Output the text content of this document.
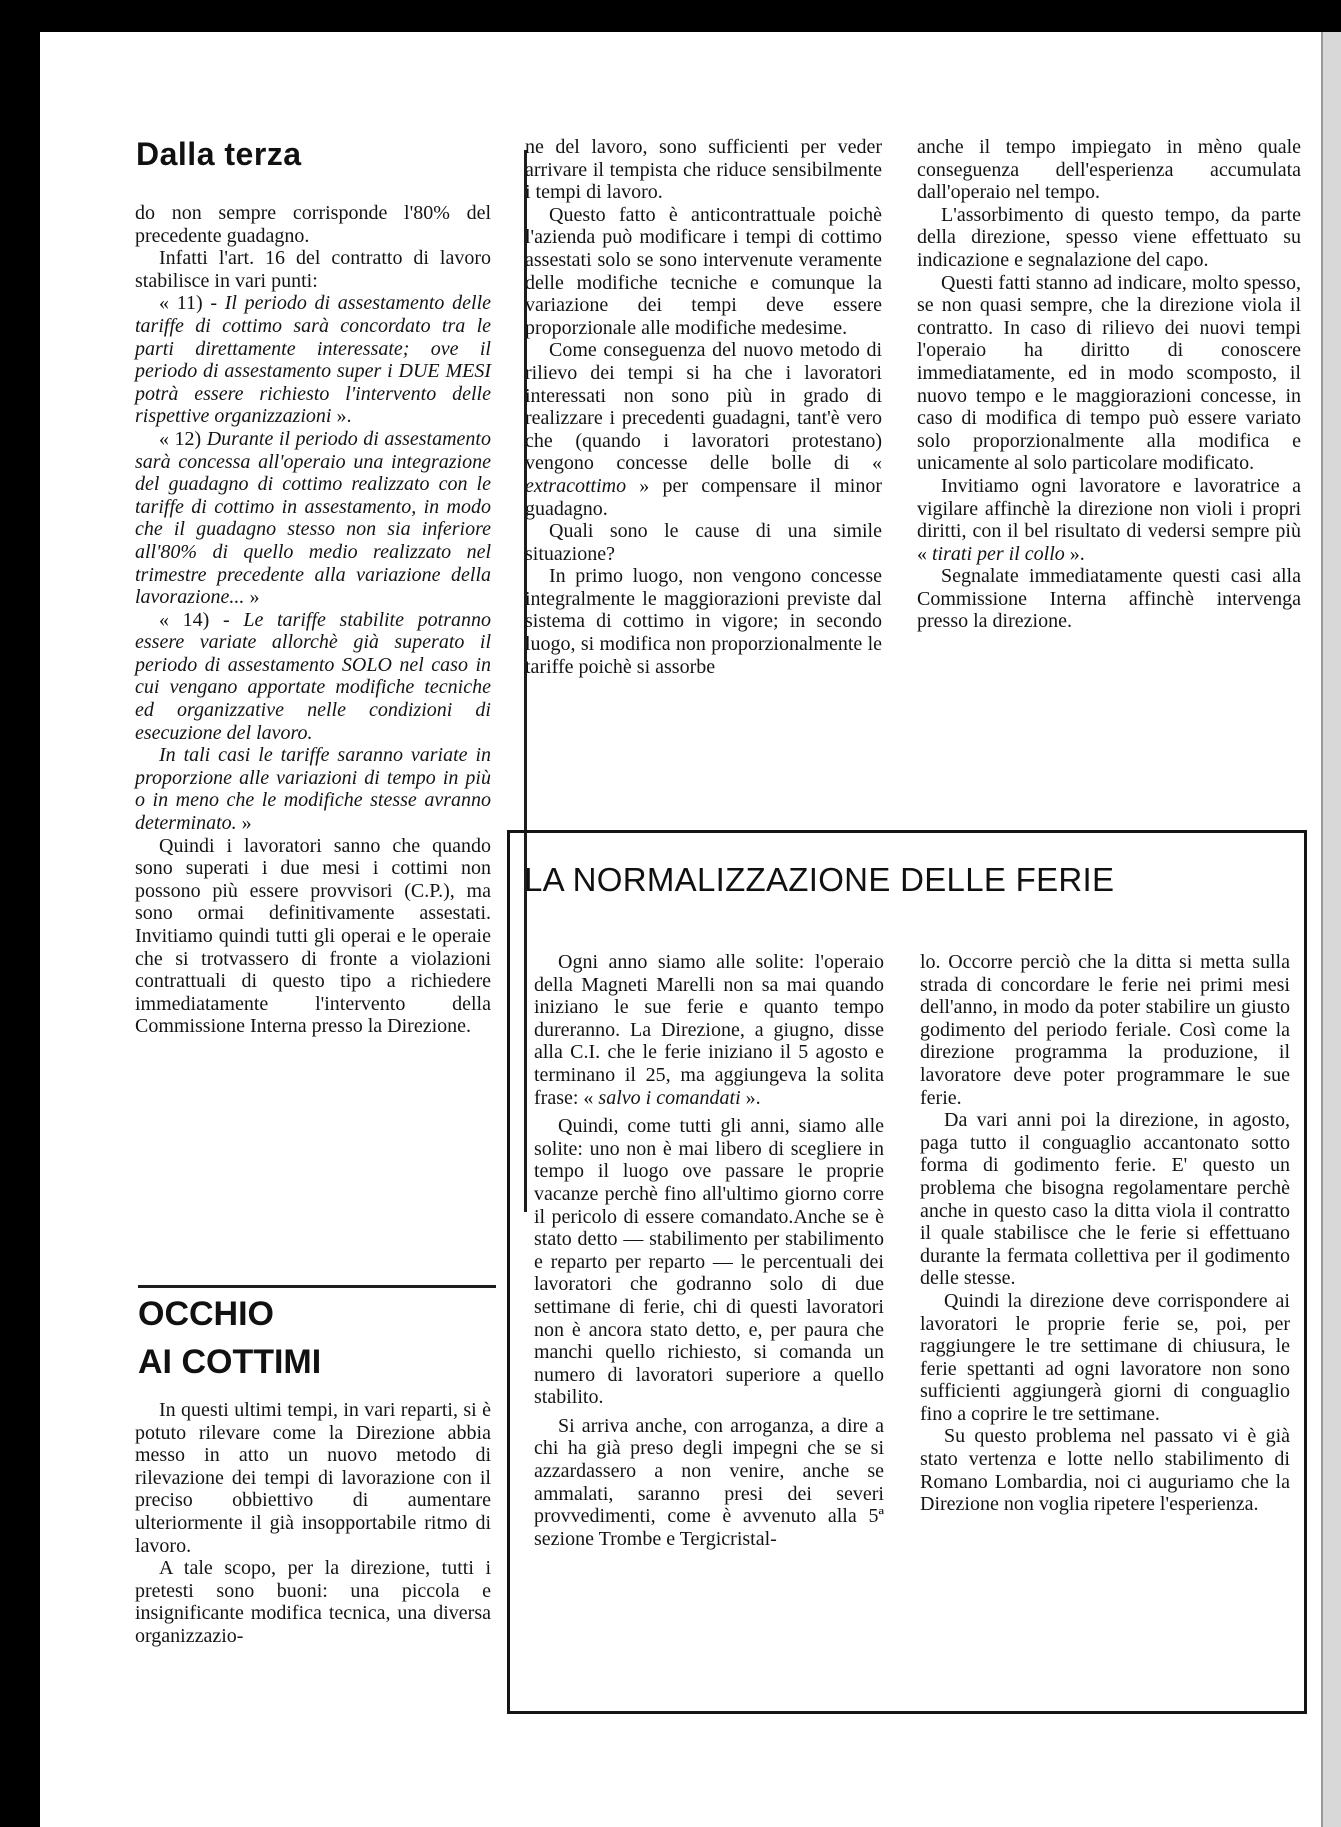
Dalla terza

do non sempre corrisponde l'80% del precedente guadagno.

Infatti l'art. 16 del contratto di lavoro stabilisce in vari punti:

« 11) - Il periodo di assestamento delle tariffe di cottimo sarà concordato tra le parti direttamente interessate; ove il periodo di assestamento super i DUE MESI potrà essere richiesto l'intervento delle rispettive organizzazioni ».

« 12) Durante il periodo di assestamento sarà concessa all'operaio una integrazione del guadagno di cottimo realizzato con le tariffe di cottimo in assestamento, in modo che il guadagno stesso non sia inferiore all'80% di quello medio realizzato nel trimestre precedente alla variazione della lavorazione... »

« 14) - Le tariffe stabilite potranno essere variate allorchè già superato il periodo di assestamento SOLO nel caso in cui vengano apportate modifiche tecniche ed organizzative nelle condizioni di esecuzione del lavoro.

In tali casi le tariffe saranno variate in proporzione alle variazioni di tempo in più o in meno che le modifiche stesse avranno determinato. »

Quindi i lavoratori sanno che quando sono superati i due mesi i cottimi non possono più essere provvisori (C.P.), ma sono ormai definitivamente assestati. Invitiamo quindi tutti gli operai e le operaie che si trotvassero di fronte a violazioni contrattuali di questo tipo a richiedere immediatamente l'intervento della Commissione Interna presso la Direzione.

OCCHIO
AI COTTIMI

In questi ultimi tempi, in vari reparti, si è potuto rilevare come la Direzione abbia messo in atto un nuovo metodo di rilevazione dei tempi di lavorazione con il preciso obbiettivo di aumentare ulteriormente il già insopportabile ritmo di lavoro.

A tale scopo, per la direzione, tutti i pretesti sono buoni: una piccola e insignificante modifica tecnica, una diversa organizzazio-

ne del lavoro, sono sufficienti per veder arrivare il tempista che riduce sensibilmente i tempi di lavoro.

Questo fatto è anticontrattuale poichè l'azienda può modificare i tempi di cottimo assestati solo se sono intervenute veramente delle modifiche tecniche e comunque la variazione dei tempi deve essere proporzionale alle modifiche medesime.

Come conseguenza del nuovo metodo di rilievo dei tempi si ha che i lavoratori interessati non sono più in grado di realizzare i precedenti guadagni, tant'è vero che (quando i lavoratori protestano) vengono concesse delle bolle di « extracottimo » per compensare il minor guadagno.

Quali sono le cause di una simile situazione?

In primo luogo, non vengono concesse integralmente le maggiorazioni previste dal sistema di cottimo in vigore; in secondo luogo, si modifica non proporzionalmente le tariffe poichè si assorbe

anche il tempo impiegato in mèno quale conseguenza dell'esperienza accumulata dall'operaio nel tempo.

L'assorbimento di questo tempo, da parte della direzione, spesso viene effettuato su indicazione e segnalazione del capo.

Questi fatti stanno ad indicare, molto spesso, se non quasi sempre, che la direzione viola il contratto. In caso di rilievo dei nuovi tempi l'operaio ha diritto di conoscere immediatamente, ed in modo scomposto, il nuovo tempo e le maggiorazioni concesse, in caso di modifica di tempo può essere variato solo proporzionalmente alla modifica e unicamente al solo particolare modificato.

Invitiamo ogni lavoratore e lavoratrice a vigilare affinchè la direzione non violi i propri diritti, con il bel risultato di vedersi sempre più « tirati per il collo ».

Segnalate immediatamente questi casi alla Commissione Interna affinchè intervenga presso la direzione.

LA NORMALIZZAZIONE DELLE FERIE

Ogni anno siamo alle solite: l'operaio della Magneti Marelli non sa mai quando iniziano le sue ferie e quanto tempo dureranno. La Direzione, a giugno, disse alla C.I. che le ferie iniziano il 5 agosto e terminano il 25, ma aggiungeva la solita frase: « salvo i comandati ».

Quindi, come tutti gli anni, siamo alle solite: uno non è mai libero di scegliere in tempo il luogo ove passare le proprie vacanze perchè fino all'ultimo giorno corre il pericolo di essere comandato.Anche se è stato detto — stabilimento per stabilimento e reparto per reparto — le percentuali dei lavoratori che godranno solo di due settimane di ferie, chi di questi lavoratori non è ancora stato detto, e, per paura che manchi quello richiesto, si comanda un numero di lavoratori superiore a quello stabilito.

Si arriva anche, con arroganza, a dire a chi ha già preso degli impegni che se si azzardassero a non venire, anche se ammalati, saranno presi dei severi provvedimenti, come è avvenuto alla 5ª sezione Trombe e Tergicristal-

lo. Occorre perciò che la ditta si metta sulla strada di concordare le ferie nei primi mesi dell'anno, in modo da poter stabilire un giusto godimento del periodo feriale. Così come la direzione programma la produzione, il lavoratore deve poter programmare le sue ferie.

Da vari anni poi la direzione, in agosto, paga tutto il conguaglio accantonato sotto forma di godimento ferie. E' questo un problema che bisogna regolamentare perchè anche in questo caso la ditta viola il contratto il quale stabilisce che le ferie si effettuano durante la fermata collettiva per il godimento delle stesse.

Quindi la direzione deve corrispondere ai lavoratori le proprie ferie se, poi, per raggiungere le tre settimane di chiusura, le ferie spettanti ad ogni lavoratore non sono sufficienti aggiungerà giorni di conguaglio fino a coprire le tre settimane.

Su questo problema nel passato vi è già stato vertenza e lotte nello stabilimento di Romano Lombardia, noi ci auguriamo che la Direzione non voglia ripetere l'esperienza.
